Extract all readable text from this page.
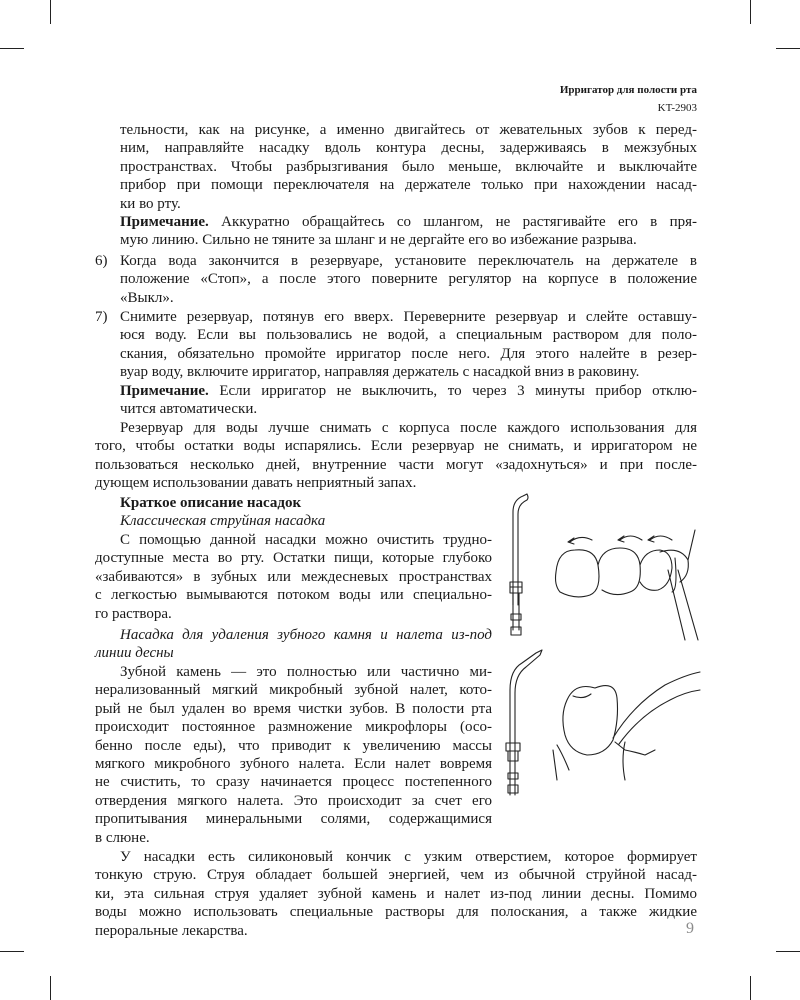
Ирригатор для полости рта
KT-2903
тельности, как на рисунке, а именно двигайтесь от жевательных зубов к перед-
ним, направляйте насадку вдоль контура десны, задерживаясь в межзубных
пространствах. Чтобы разбрызгивания было меньше, включайте и выключайте
прибор при помощи переключателя на держателе только при нахождении насад-
ки во рту.
Примечание. Аккуратно обращайтесь со шлангом, не растягивайте его в пря-
мую линию. Сильно не тяните за шланг и не дергайте его во избежание разрыва.
6) Когда вода закончится в резервуаре, установите переключатель на держателе в
положение «Стоп», а после этого поверните регулятор на корпусе в положение
«Выкл».
7) Снимите резервуар, потянув его вверх. Переверните резервуар и слейте оставшу-
юся воду. Если вы пользовались не водой, а специальным раствором для поло-
скания, обязательно промойте ирригатор после него. Для этого налейте в резер-
вуар воду, включите ирригатор, направляя держатель с насадкой вниз в раковину.
Примечание. Если ирригатор не выключить, то через 3 минуты прибор отклю-
чится автоматически.
Резервуар для воды лучше снимать с корпуса после каждого использования для
того, чтобы остатки воды испарялись. Если резервуар не снимать, и ирригатором не
пользоваться несколько дней, внутренние части могут «задохнуться» и при после-
дующем использовании давать неприятный запах.
Краткое описание насадок
Классическая струйная насадка
С помощью данной насадки можно очистить трудно-
доступные места во рту. Остатки пищи, которые глубоко
«забиваются» в зубных или междесневых пространствах
с легкостью вымываются потоком воды или специально-
го раствора.
Насадка для удаления зубного камня и налета из-под
линии десны
Зубной камень — это полностью или частично ми-
нерализованный мягкий микробный зубной налет, кото-
рый не был удален во время чистки зубов. В полости рта
происходит постоянное размножение микрофлоры (осо-
бенно после еды), что приводит к увеличению массы
мягкого микробного зубного налета. Если налет вовремя
не счистить, то сразу начинается процесс постепенного
отвердения мягкого налета. Это происходит за счет его
пропитывания минеральными солями, содержащимися
в слюне.
У насадки есть силиконовый кончик с узким отверстием, которое формирует
тонкую струю. Струя обладает большей энергией, чем из обычной струйной насад-
ки, эта сильная струя удаляет зубной камень и налет из-под линии десны. Помимо
воды можно использовать специальные растворы для полоскания, а также жидкие
пероральные лекарства.	9
